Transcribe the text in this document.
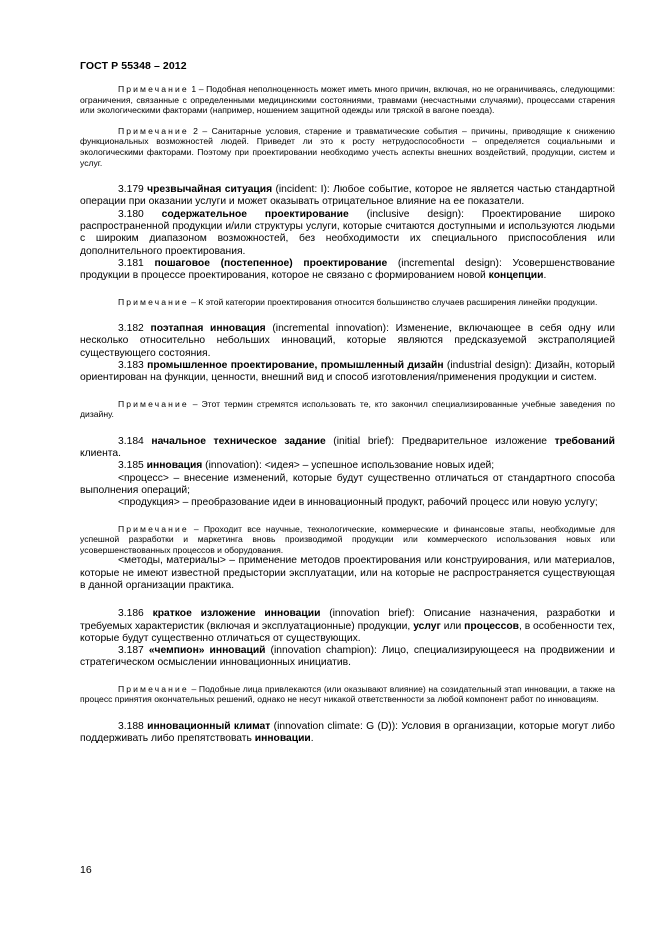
ГОСТ Р 55348 – 2012

Примечание 1 – Подобная неполноценность может иметь много причин, включая, но не ограничиваясь, следующими: ограничения, связанные с определенными медицинскими состояниями, травмами (несчастными случаями), процессами старения или экологическими факторами (например, ношением защитной одежды или тряской в вагоне поезда).

Примечание 2 – Санитарные условия, старение и травматические события – причины, приводящие к снижению функциональных возможностей людей. Приведет ли это к росту нетрудоспособности – определяется социальными и экологическими факторами. Поэтому при проектировании необходимо учесть аспекты внешних воздействий, продукции, систем и услуг.

3.179 чрезвычайная ситуация (incident: I): Любое событие, которое не является частью стандартной операции при оказании услуги и может оказывать отрицательное влияние на ее показатели.

3.180 содержательное проектирование (inclusive design): Проектирование широко распространенной продукции и/или структуры услуги, которые считаются доступными и используются людьми с широким диапазоном возможностей, без необходимости их специального приспособления или дополнительного проектирования.

3.181 пошаговое (постепенное) проектирование (incremental design): Усовершенствование продукции в процессе проектирования, которое не связано с формированием новой концепции.

Примечание – К этой категории проектирования относится большинство случаев расширения линейки продукции.

3.182 поэтапная инновация (incremental innovation): Изменение, включающее в себя одну или несколько относительно небольших инноваций, которые являются предсказуемой экстраполяцией существующего состояния.

3.183 промышленное проектирование, промышленный дизайн (industrial design): Дизайн, который ориентирован на функции, ценности, внешний вид и способ изготовления/применения продукции и систем.

Примечание – Этот термин стремятся использовать те, кто закончил специализированные учебные заведения по дизайну.

3.184 начальное техническое задание (initial brief): Предварительное изложение требований клиента.

3.185 инновация (innovation): <идея> – успешное использование новых идей;

<процесс> – внесение изменений, которые будут существенно отличаться от стандартного способа выполнения операций;

<продукция> – преобразование идеи в инновационный продукт, рабочий процесс или новую услугу;

Примечание – Проходит все научные, технологические, коммерческие и финансовые этапы, необходимые для успешной разработки и маркетинга вновь производимой продукции или коммерческого использования новых или усовершенствованных процессов и оборудования.

<методы, материалы> – применение методов проектирования или конструирования, или материалов, которые не имеют известной предыстории эксплуатации, или на которые не распространяется существующая в данной организации практика.

3.186 краткое изложение инновации (innovation brief): Описание назначения, разработки и требуемых характеристик (включая и эксплуатационные) продукции, услуг или процессов, в особенности тех, которые будут существенно отличаться от существующих.

3.187 «чемпион» инноваций (innovation champion): Лицо, специализирующееся на продвижении и стратегическом осмыслении инновационных инициатив.

Примечание – Подобные лица привлекаются (или оказывают влияние) на созидательный этап инновации, а также на процесс принятия окончательных решений, однако не несут никакой ответственности за любой компонент работ по инновациям.

3.188 инновационный климат (innovation climate: G (D)): Условия в организации, которые могут либо поддерживать либо препятствовать инновации.

16
